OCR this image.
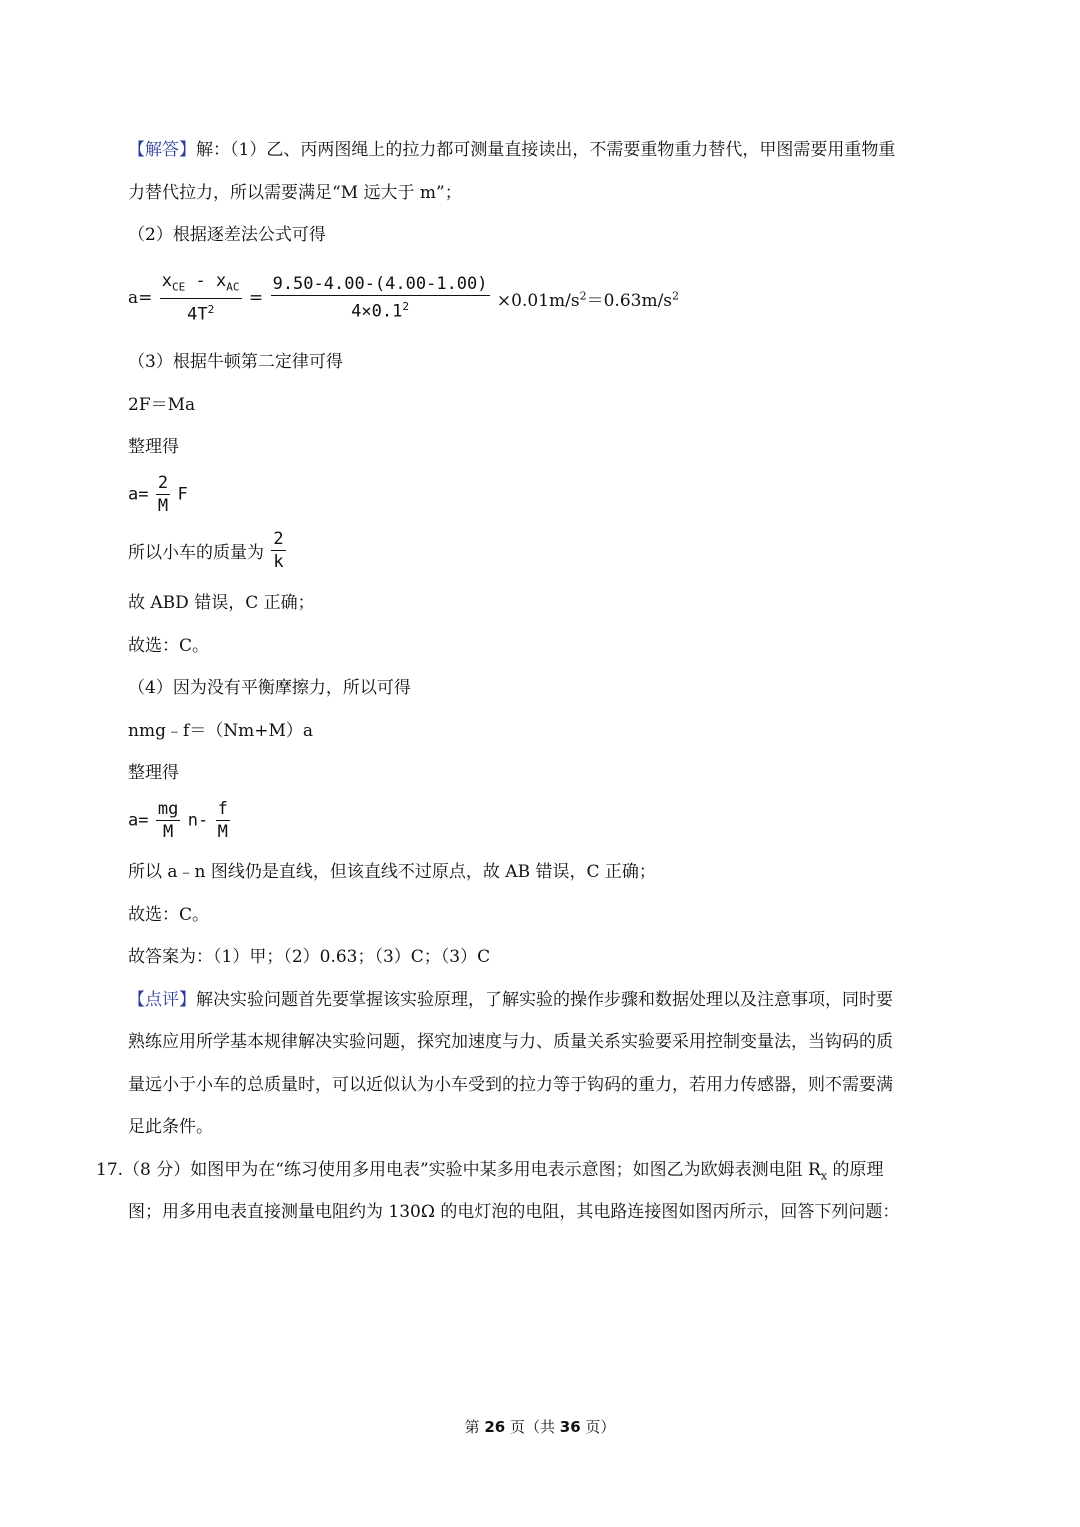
【解答】解：（1）乙、丙两图绳上的拉力都可测量直接读出，不需要重物重力替代，甲图需要用重物重
力替代拉力，所以需要满足“M 远大于 m”；
（2）根据逐差法公式可得
$a= \frac{x_{CE} - x_{AC}}{4T^2} = \frac{9.50-4.00-(4.00-1.00)}{4\times 0.1^2} \times 0.01m/s^2=0.63m/s^2$
（3）根据牛顿第二定律可得
2F＝Ma
整理得
$a= \frac{2}{M}$ F
所以小车的质量为 $\frac{2}{k}$
故 ABD 错误，C 正确；
故选：C。
（4）因为没有平衡摩擦力，所以可得
nmg﹣f＝（Nm+M）a
整理得
$a= \frac{mg}{M} n- \frac{f}{M}$
所以 a﹣n 图线仍是直线，但该直线不过原点，故 AB 错误，C 正确；
故选：C。
故答案为：（1）甲；（2）0.63；（3）C；（3）C
【点评】解决实验问题首先要掌握该实验原理，了解实验的操作步骤和数据处理以及注意事项，同时要
熟练应用所学基本规律解决实验问题，探究加速度与力、质量关系实验要采用控制变量法，当钩码的质
量远小于小车的总质量时，可以近似认为小车受到的拉力等于钩码的重力，若用力传感器，则不需要满
足此条件。
17.（8 分）如图甲为在“练习使用多用电表”实验中某多用电表示意图；如图乙为欧姆表测电阻 $R_x$ 的原理
图；用多用电表直接测量电阻约为 130Ω 的电灯泡的电阻，其电路连接图如图丙所示，回答下列问题：
第 26 页（共 36 页）
